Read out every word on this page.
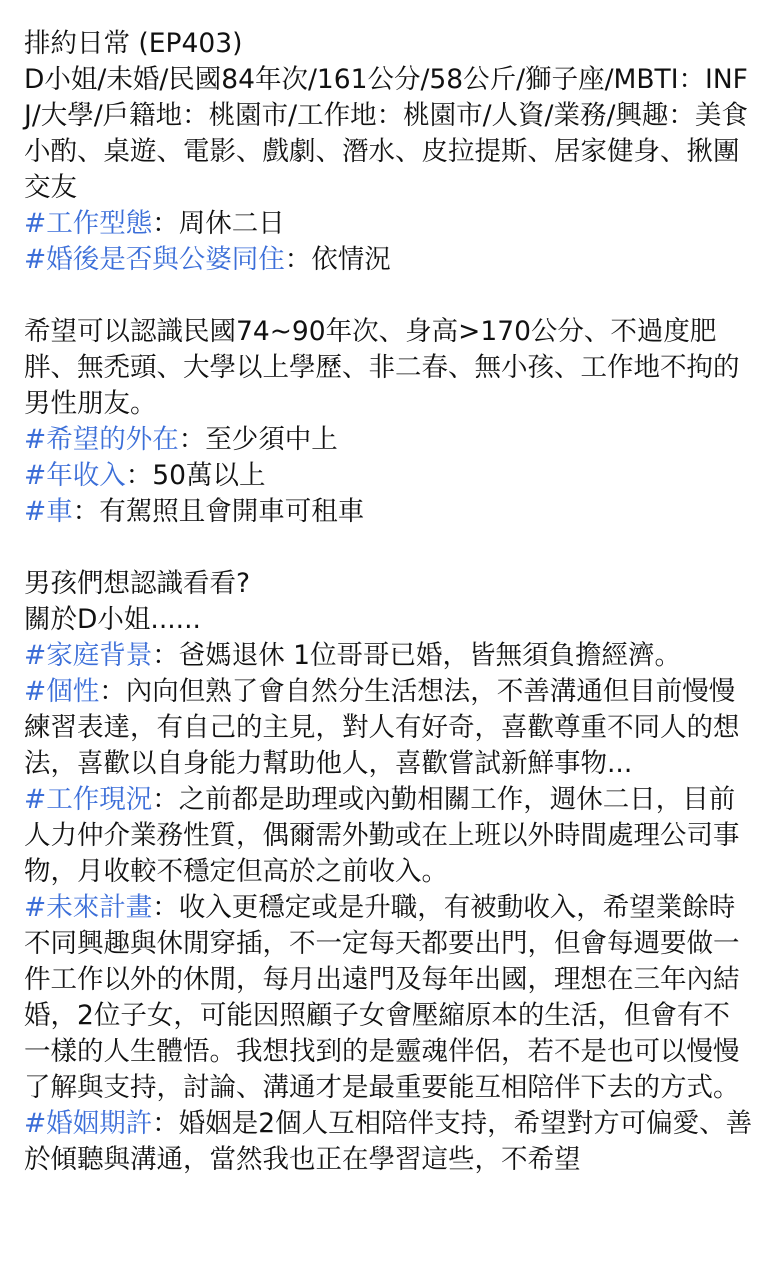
排約日常 (EP403)

D小姐/未婚/民國84年次/161公分/58公斤/獅子座/MBTI：INFJ/大學/戶籍地：桃園市/工作地：桃園市/人資/業務/興趣：美食小酌、桌遊、電影、戲劇、潛水、皮拉提斯、居家健身、揪團交友

#工作型態：周休二日

#婚後是否與公婆同住：依情況

希望可以認識民國74~90年次、身高>170公分、不過度肥胖、無禿頭、大學以上學歷、非二春、無小孩、工作地不拘的男性朋友。

#希望的外在：至少須中上

#年收入：50萬以上

#車：有駕照且會開車可租車

男孩們想認識看看?

關於D小姐......

#家庭背景：爸媽退休 1位哥哥已婚，皆無須負擔經濟。

#個性：內向但熟了會自然分生活想法，不善溝通但目前慢慢練習表達，有自己的主見，對人有好奇，喜歡尊重不同人的想法，喜歡以自身能力幫助他人，喜歡嘗試新鮮事物...

#工作現況：之前都是助理或內勤相關工作，週休二日，目前人力仲介業務性質，偶爾需外勤或在上班以外時間處理公司事物，月收較不穩定但高於之前收入。

#未來計畫：收入更穩定或是升職，有被動收入，希望業餘時不同興趣與休閒穿插，不一定每天都要出門，但會每週要做一件工作以外的休閒，每月出遠門及每年出國，理想在三年內結婚，2位子女，可能因照顧子女會壓縮原本的生活，但會有不一樣的人生體悟。我想找到的是靈魂伴侶，若不是也可以慢慢了解與支持，討論、溝通才是最重要能互相陪伴下去的方式。

#婚姻期許：婚姻是2個人互相陪伴支持，希望對方可偏愛、善於傾聽與溝通，當然我也正在學習這些，不希望
